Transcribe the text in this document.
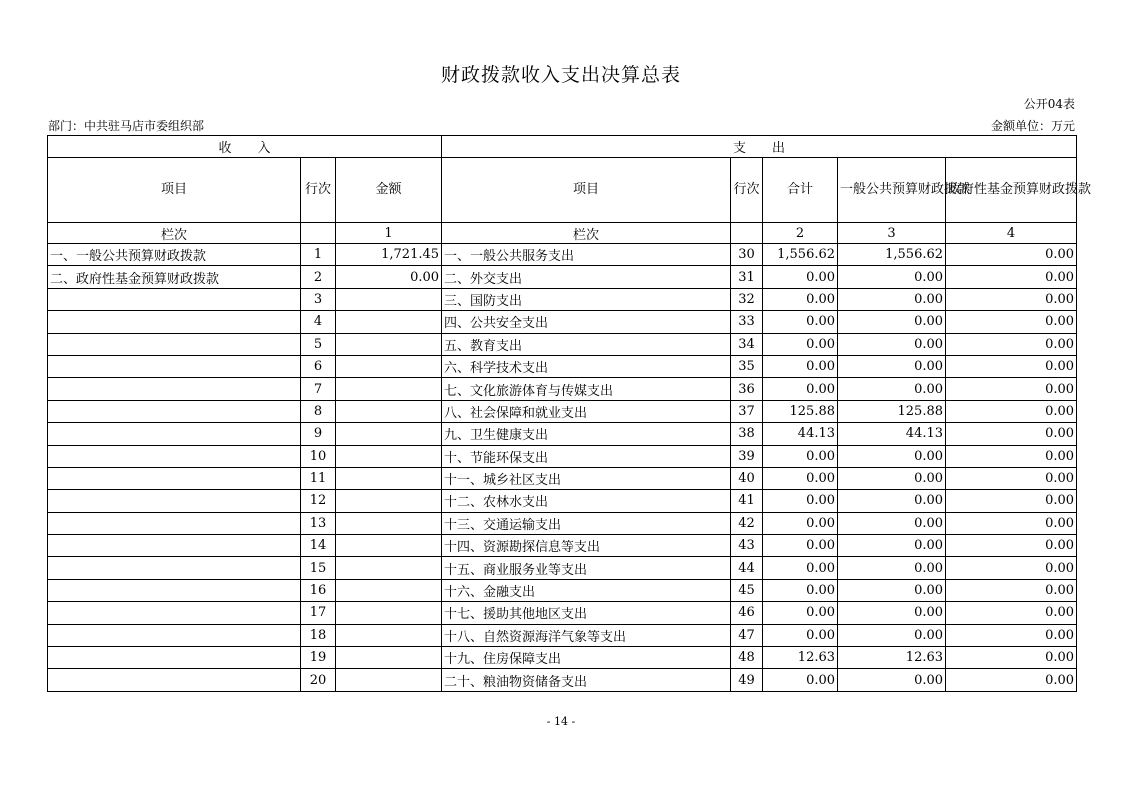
财政拨款收入支出决算总表
公开04表
部门：中共驻马店市委组织部	金额单位：万元
收　　入			支　　出				
项目	行次	金额	项目	行次	合计	一般公共预算财政拨款	政府性基金预算财政拨款
栏次		1	栏次		2	3	4
一、一般公共预算财政拨款	1	1,721.45	一、一般公共服务支出	30	1,556.62	1,556.62	0.00
二、政府性基金预算财政拨款	2	0.00	二、外交支出	31	0.00	0.00	0.00
	3		三、国防支出	32	0.00	0.00	0.00
	4		四、公共安全支出	33	0.00	0.00	0.00
	5		五、教育支出	34	0.00	0.00	0.00
	6		六、科学技术支出	35	0.00	0.00	0.00
	7		七、文化旅游体育与传媒支出	36	0.00	0.00	0.00
	8		八、社会保障和就业支出	37	125.88	125.88	0.00
	9		九、卫生健康支出	38	44.13	44.13	0.00
	10		十、节能环保支出	39	0.00	0.00	0.00
	11		十一、城乡社区支出	40	0.00	0.00	0.00
	12		十二、农林水支出	41	0.00	0.00	0.00
	13		十三、交通运输支出	42	0.00	0.00	0.00
	14		十四、资源勘探信息等支出	43	0.00	0.00	0.00
	15		十五、商业服务业等支出	44	0.00	0.00	0.00
	16		十六、金融支出	45	0.00	0.00	0.00
	17		十七、援助其他地区支出	46	0.00	0.00	0.00
	18		十八、自然资源海洋气象等支出	47	0.00	0.00	0.00
	19		十九、住房保障支出	48	12.63	12.63	0.00
	20		二十、粮油物资储备支出	49	0.00	0.00	0.00
- 14 -
